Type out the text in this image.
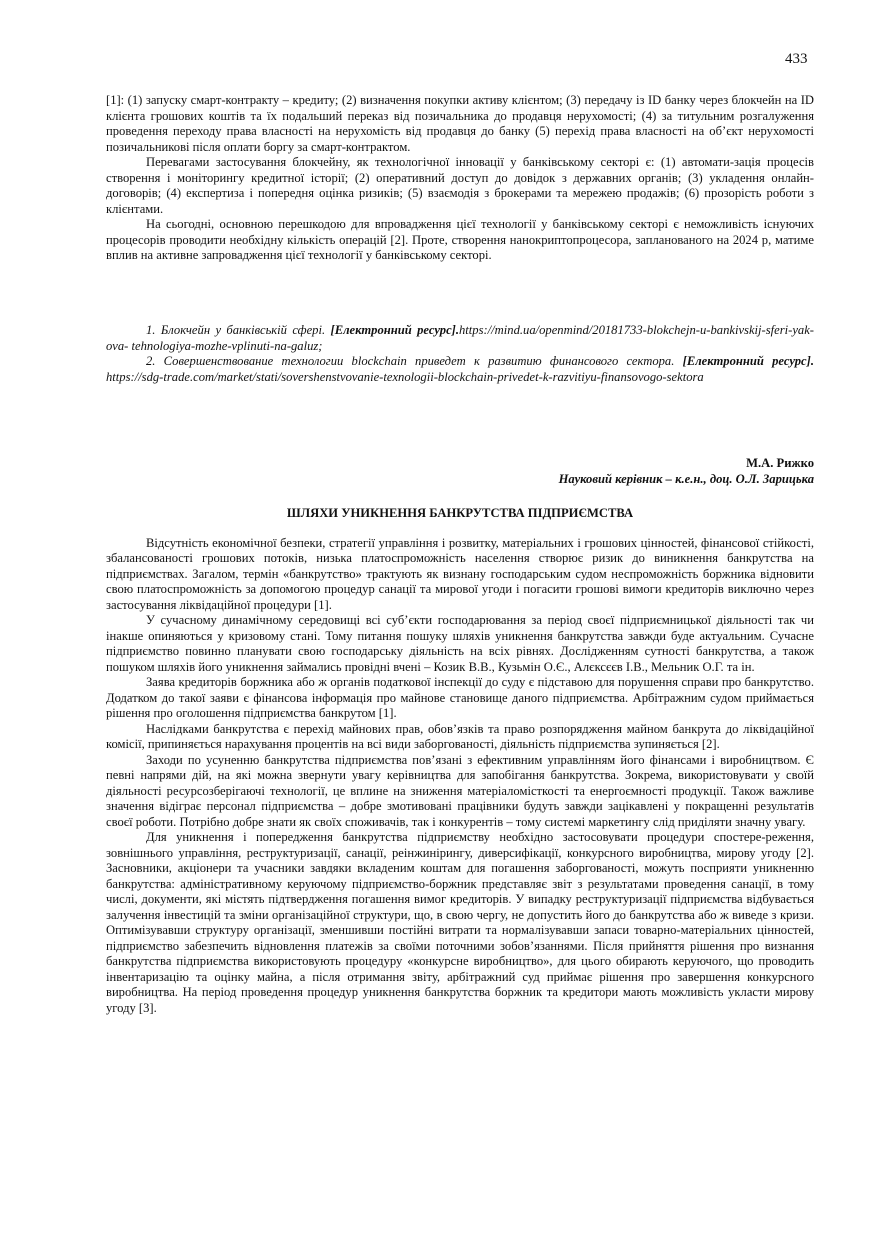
433

[1]: (1) запуску смарт-контракту – кредиту; (2) визначення покупки активу клієнтом; (3) передачу із ID банку через блокчейн на ID клієнта грошових коштів та їх подальший переказ від позичальника до продавця нерухомості; (4) за титульним розгалуження проведення переходу права власності на нерухомість від продавця до банку (5) перехід права власності на об’єкт нерухомості позичальникові після оплати боргу за смарт-контрактом.

Перевагами застосування блокчейну, як технологічної інновації у банківському секторі є: (1) автомати-зація процесів створення і моніторингу кредитної історії; (2) оперативний доступ до довідок з державних органів; (3) укладення онлайн-договорів; (4) експертиза і попередня оцінка ризиків; (5) взаємодія з брокерами та мережею продажів; (6) прозорість роботи з клієнтами.

На сьогодні, основною перешкодою для впровадження цієї технології у банківському секторі є неможливість існуючих процесорів проводити необхідну кількість операцій [2]. Проте, створення нанокриптопроцесора, запланованого на 2024 р, матиме вплив на активне запровадження цієї технології у банківському секторі.

1. Блокчейн у банківській сфері. [Електронний ресурс].https://mind.ua/openmind/20181733-blokchejn-u-bankivskij-sferi-yak-ova- tehnologiya-mozhe-vplinuti-na-galuz;

2. Совершенствование технологии blockchain приведет к развитию финансового сектора. [Електронний ресурс]. https://sdg-trade.com/market/stati/sovershenstvovanie-texnologii-blockchain-privedet-k-razvitiyu-finansovogo-sektora

М.А. Рижко
Науковий керівник – к.е.н., доц. О.Л. Зарицька
ШЛЯХИ УНИКНЕННЯ БАНКРУТСТВА ПІДПРИЄМСТВА

Відсутність економічної безпеки, стратегії управління і розвитку, матеріальних і грошових цінностей, фінансової стійкості, збалансованості грошових потоків, низька платоспроможність населення створює ризик до виникнення банкрутства на підприємствах. Загалом, термін «банкрутство» трактують як визнану господарським судом неспроможність боржника відновити свою платоспроможність за допомогою процедур санації та мирової угоди і погасити грошові вимоги кредиторів виключно через застосування ліквідаційної процедури [1].

У сучасному динамічному середовищі всі суб’єкти господарювання за період своєї підприємницької діяльності так чи інакше опиняються у кризовому стані. Тому питання пошуку шляхів уникнення банкрутства завжди буде актуальним. Сучасне підприємство повинно планувати свою господарську діяльність на всіх рівнях. Дослідженням сутності банкрутства, а також пошуком шляхів його уникнення займались провідні вчені – Козик В.В., Кузьмін О.Є., Алєксєєв І.В., Мельник О.Г. та ін.

Заява кредиторів боржника або ж органів податкової інспекції до суду є підставою для порушення справи про банкрутство. Додатком до такої заяви є фінансова інформація про майнове становище даного підприємства. Арбітражним судом приймається рішення про оголошення підприємства банкрутом [1].

Наслідками банкрутства є перехід майнових прав, обов’язків та право розпорядження майном банкрута до ліквідаційної комісії, припиняється нарахування процентів на всі види заборгованості, діяльність підприємства зупиняється [2].

Заходи по усуненню банкрутства підприємства пов’язані з ефективним управлінням його фінансами і виробництвом. Є певні напрями дій, на які можна звернути увагу керівництва для запобігання банкрутства. Зокрема, використовувати у своїй діяльності ресурсозберігаючі технології, це вплине на зниження матеріаломісткості та енергоємності продукції. Також важливе значення відіграє персонал підприємства – добре змотивовані працівники будуть завжди зацікавлені у покращенні результатів своєї роботи. Потрібно добре знати як своїх споживачів, так і конкурентів – тому системі маркетингу слід приділяти значну увагу.

Для уникнення і попередження банкрутства підприємству необхідно застосовувати процедури спостере-реження, зовнішнього управління, реструктуризації, санації, реінжинірингу, диверсифікації, конкурсного виробництва, мирову угоду [2]. Засновники, акціонери та учасники завдяки вкладеним коштам для погашення заборгованості, можуть посприяти уникненню банкрутства: адміністративному керуючому підприємство-боржник представляє звіт з результатами проведення санації, в тому числі, документи, які містять підтвердження погашення вимог кредиторів. У випадку реструктуризації підприємства відбувається залучення інвестицій та зміни організаційної структури, що, в свою чергу, не допустить його до банкрутства або ж виведе з кризи. Оптимізувавши структуру організації, зменшивши постійні витрати та нормалізувавши запаси товарно-матеріальних цінностей, підприємство забезпечить відновлення платежів за своїми поточними зобов’язаннями. Після прийняття рішення про визнання банкрутства підприємства використовують процедуру «конкурсне виробництво», для цього обирають керуючого, що проводить інвентаризацію та оцінку майна, а після отримання звіту, арбітражний суд приймає рішення про завершення конкурсного виробництва. На період проведення процедур уникнення банкрутства боржник та кредитори мають можливість укласти мирову угоду [3].
